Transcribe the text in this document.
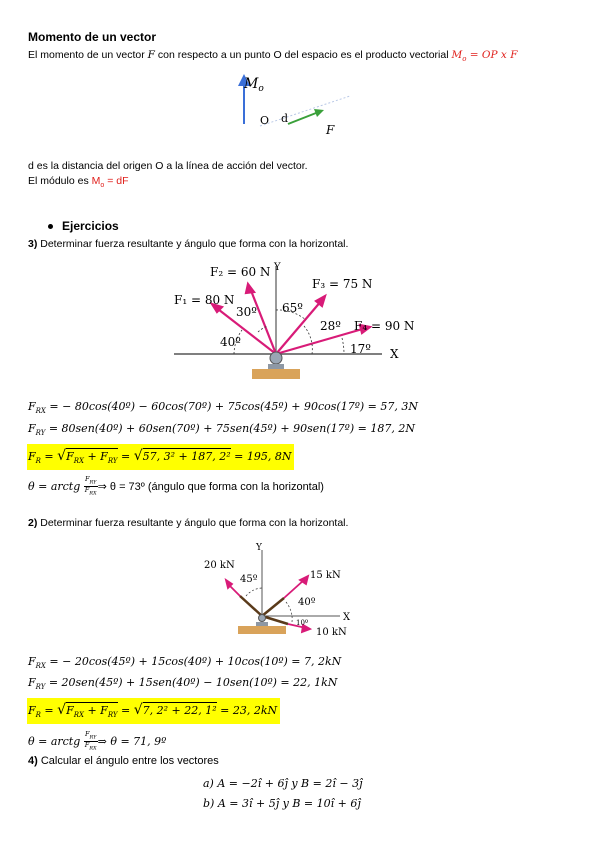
Momento de un vector
El momento de un vector F con respecto a un punto O del espacio es el producto vectorial $M_o$ = OP x F
$M_o$
O d
F
d es la distancia del origen O a la línea de acción del vector.
El módulo es $M_o$ = dF
Ejercicios
3) Determinar fuerza resultante y ángulo que forma con la horizontal.
X
Y
F₂ = 60 N
F₁ = 80 N
F₃ = 75 N
F₄ = 90 N
30º 65º
28º
40º	17º
$F_{RX}$ = − 80cos(40º) − 60cos(70º) + 75cos(45º) + 90cos(17º) = 57, 3N
$F_{RY}$ = 80sen(40º) + 60sen(70º) + 75sen(45º) + 90sen(17º) = 187, 2N
$F_R = √F_{RX} + F_{RY} = √57$, 3² + 187, 2² = 195, 8N
θ = arctg $\frac{F_{RY}}{F_{RX}}$ ⇒ θ = 73º (ángulo que forma con la horizontal)
2) Determinar fuerza resultante y ángulo que forma con la horizontal.
X
Y
20 kN
15 kN
10 kN
45º
40º
10º
$F_{RX}$ = − 20cos(45º) + 15cos(40º) + 10cos(10º) = 7, 2kN
$F_{RY}$ = 20sen(45º) + 15sen(40º) − 10sen(10º) = 22, 1kN
$F_R = √F_{RX} + F_{RY} = √7$, 2² + 22, 1² = 23, 2kN
θ = arctg $\frac{F_{RY}}{F_{RX}}$ ⇒ θ = 71, 9º
4) Calcular el ángulo entre los vectores
a) A = −2î + 6ĵ y B = 2î − 3ĵ
b) A = 3î + 5ĵ y B = 10î + 6ĵ
